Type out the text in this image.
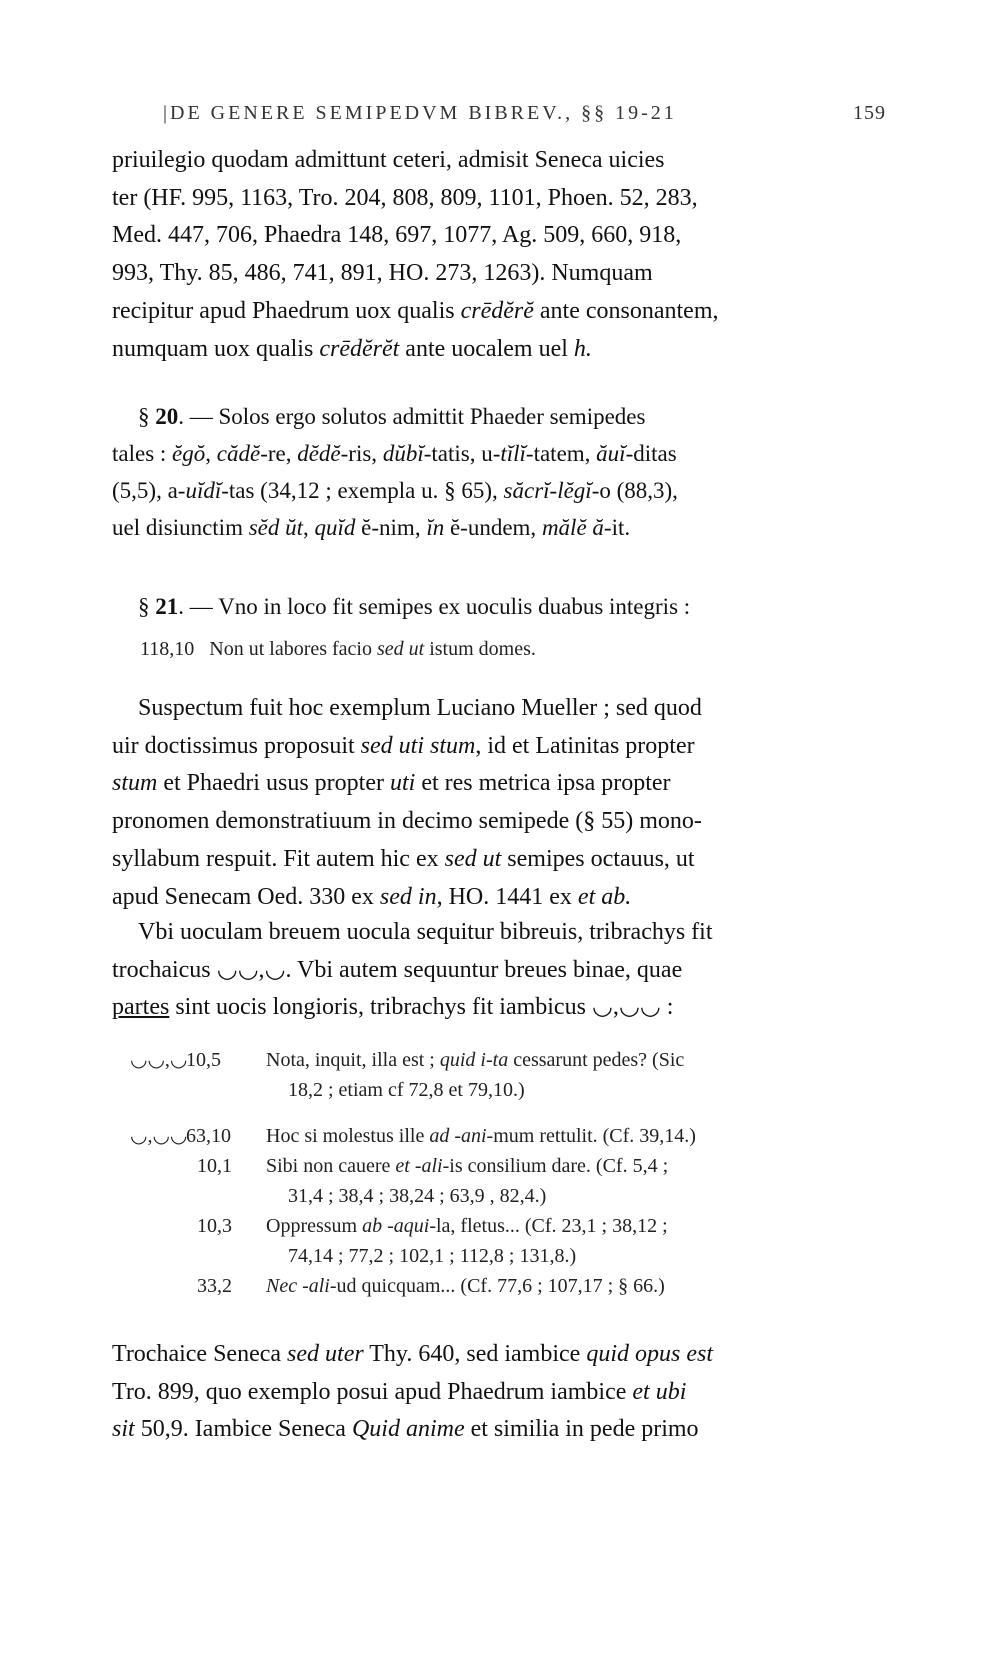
|DE GENERE SEMIPEDVM BIBREV., §§ 19-21	159
priuilegio quodam admittunt ceteri, admisit Seneca uicies
ter (HF. 995, 1163, Tro. 204, 808, 809, 1101, Phoen. 52, 283,
Med. 447, 706, Phaedra 148, 697, 1077, Ag. 509, 660, 918,
993, Thy. 85, 486, 741, 891, HO. 273, 1263). Numquam
recipitur apud Phaedrum uox qualis crēdĕrĕ ante consonantem,
numquam uox qualis crēdĕrĕt ante uocalem uel h.
§ 20. — Solos ergo solutos admittit Phaeder semipedes
tales : ĕgŏ, cădĕ-re, dĕdĕ-ris, dŭbĭ-tatis, u-tĭlĭ-tatem, ăuĭ-ditas
(5,5), a-uĭdĭ-tas (34,12 ; exempla u. § 65), săcrĭ-lĕgĭ-o (88,3),
uel disiunctim sĕd ŭt, quĭd ĕ-nim, ĭn ĕ-undem, mălĕ ă-it.
§ 21. — Vno in loco fit semipes ex uoculis duabus integris :
118,10 Non ut labores facio sed ut istum domes.
Suspectum fuit hoc exemplum Luciano Mueller ; sed quod
uir doctissimus proposuit sed uti stum, id et Latinitas propter
stum et Phaedri usus propter uti et res metrica ipsa propter
pronomen demonstratiuum in decimo semipede (§ 55) mono-
syllabum respuit. Fit autem hic ex sed ut semipes octauus, ut
apud Senecam Oed. 330 ex sed in, HO. 1441 ex et ab.
Vbi uoculam breuem uocula sequitur bibreuis, tribrachys fit
trochaicus ◡◡,◡. Vbi autem sequuntur breues binae, quae
partes sint uocis longioris, tribrachys fit iambicus ◡,◡◡ :
◡◡,◡10,5	Nota, inquit, illa est ; quid i-ta cessarunt pedes? (Sic
18,2 ; etiam cf 72,8 et 79,10.)
◡,◡◡63,10
10,1
10,3
33,2
Hoc si molestus ille ad -ani-mum rettulit. (Cf. 39,14.)
Sibi non cauere et -ali-is consilium dare. (Cf. 5,4 ;
31,4 ; 38,4 ; 38,24 ; 63,9 , 82,4.)
Oppressum ab -aqui-la, fletus... (Cf. 23,1 ; 38,12 ;
74,14 ; 77,2 ; 102,1 ; 112,8 ; 131,8.)
Nec -ali-ud quicquam... (Cf. 77,6 ; 107,17 ; § 66.)
Trochaice Seneca sed uter Thy. 640, sed iambice quid opus est
Tro. 899, quo exemplo posui apud Phaedrum iambice et ubi
sit 50,9. Iambice Seneca Quid anime et similia in pede primo
